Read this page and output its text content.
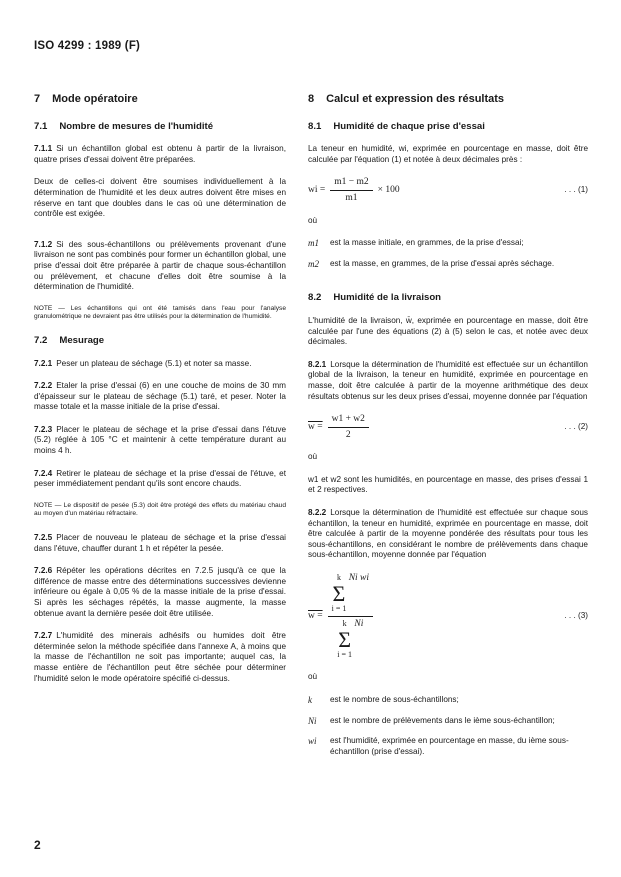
ISO 4299 : 1989 (F)
7 Mode opératoire
7.1 Nombre de mesures de l'humidité

7.1.1 Si un échantillon global est obtenu à partir de la livraison, quatre prises d'essai doivent être préparées.

Deux de celles-ci doivent être soumises individuellement à la détermination de l'humidité et les deux autres doivent être mises en réserve en tant que doubles dans le cas où une détermination de contrôle est exigée.

7.1.2 Si des sous-échantillons ou prélèvements provenant d'une livraison ne sont pas combinés pour former un échantillon global, une prise d'essai doit être préparée à partir de chaque sous-échantillon ou prélèvement, et chacune d'elles doit être soumise à la détermination de l'humidité.

NOTE — Les échantillons qui ont été tamisés dans l'eau pour l'analyse granulométrique ne devraient pas être utilisés pour la détermination de l'humidité.
7.2 Mesurage

7.2.1 Peser un plateau de séchage (5.1) et noter sa masse.

7.2.2 Etaler la prise d'essai (6) en une couche de moins de 30 mm d'épaisseur sur le plateau de séchage (5.1) taré, et peser. Noter la masse totale et la masse initiale de la prise d'essai.

7.2.3 Placer le plateau de séchage et la prise d'essai dans l'étuve (5.2) réglée à 105 °C et maintenir à cette température durant au moins 4 h.

7.2.4 Retirer le plateau de séchage et la prise d'essai de l'étuve, et peser immédiatement pendant qu'ils sont encore chauds.

NOTE — Le dispositif de pesée (5.3) doit être protégé des effets du matériau chaud au moyen d'un matériau réfractaire.

7.2.5 Placer de nouveau le plateau de séchage et la prise d'essai dans l'étuve, chauffer durant 1 h et répéter la pesée.

7.2.6 Répéter les opérations décrites en 7.2.5 jusqu'à ce que la différence de masse entre des déterminations successives devienne inférieure ou égale à 0,05 % de la masse initiale de la prise d'essai. Si après les séchages répétés, la masse augmente, la masse obtenue avant la dernière pesée doit être utilisée.

7.2.7 L'humidité des minerais adhésifs ou humides doit être déterminée selon la méthode spécifiée dans l'annexe A, à moins que la masse de l'échantillon ne soit pas importante; auquel cas, la masse entière de l'échantillon peut être séchée pour déterminer l'humidité selon le mode opératoire spécifié ci-dessus.

8 Calcul et expression des résultats
8.1 Humidité de chaque prise d'essai

La teneur en humidité, wi, exprimée en pourcentage en masse, doit être calculée par l'équation (1) et notée à deux décimales près :

wi = $\frac{m1 - m2}{m1} \times 100$	. . . (1)

où

m1	est la masse initiale, en grammes, de la prise d'essai;
m2	est la masse, en grammes, de la prise d'essai après séchage.
8.2 Humidité de la livraison

L'humidité de la livraison, w̄, exprimée en pourcentage en masse, doit être calculée par l'une des équations (2) à (5) selon le cas, et notée avec deux décimales.

8.2.1 Lorsque la détermination de l'humidité est effectuée sur un échantillon global de la livraison, la teneur en humidité, exprimée en pourcentage en masse, doit être calculée à partir de la moyenne arithmétique des deux résultats obtenus sur les deux prises d'essai, moyenne donnée par l'équation

$w = \frac{w1 + w2}{2}$	. . . (2)

où

w1 et w2 sont les humidités, en pourcentage en masse, des prises d'essai 1 et 2 respectives.

8.2.2 Lorsque la détermination de l'humidité est effectuée sur chaque sous échantillon, la teneur en humidité, exprimée en pourcentage en masse, doit être calculée à partir de la moyenne pondérée des résultats pour tous les sous-échantillons, en considérant le nombre de prélèvements dans chaque sous-échantillon, moyenne donnée par l'équation

w = k
Σ
i = 1
Ni wi
k
Σ
i = 1
Ni	. . . (3)

où

k	est le nombre de sous-échantillons;
Ni	est le nombre de prélèvements dans le ième sous-échantillon;
wi	est l'humidité, exprimée en pourcentage en masse, du ième sous-échantillon (prise d'essai).
2
